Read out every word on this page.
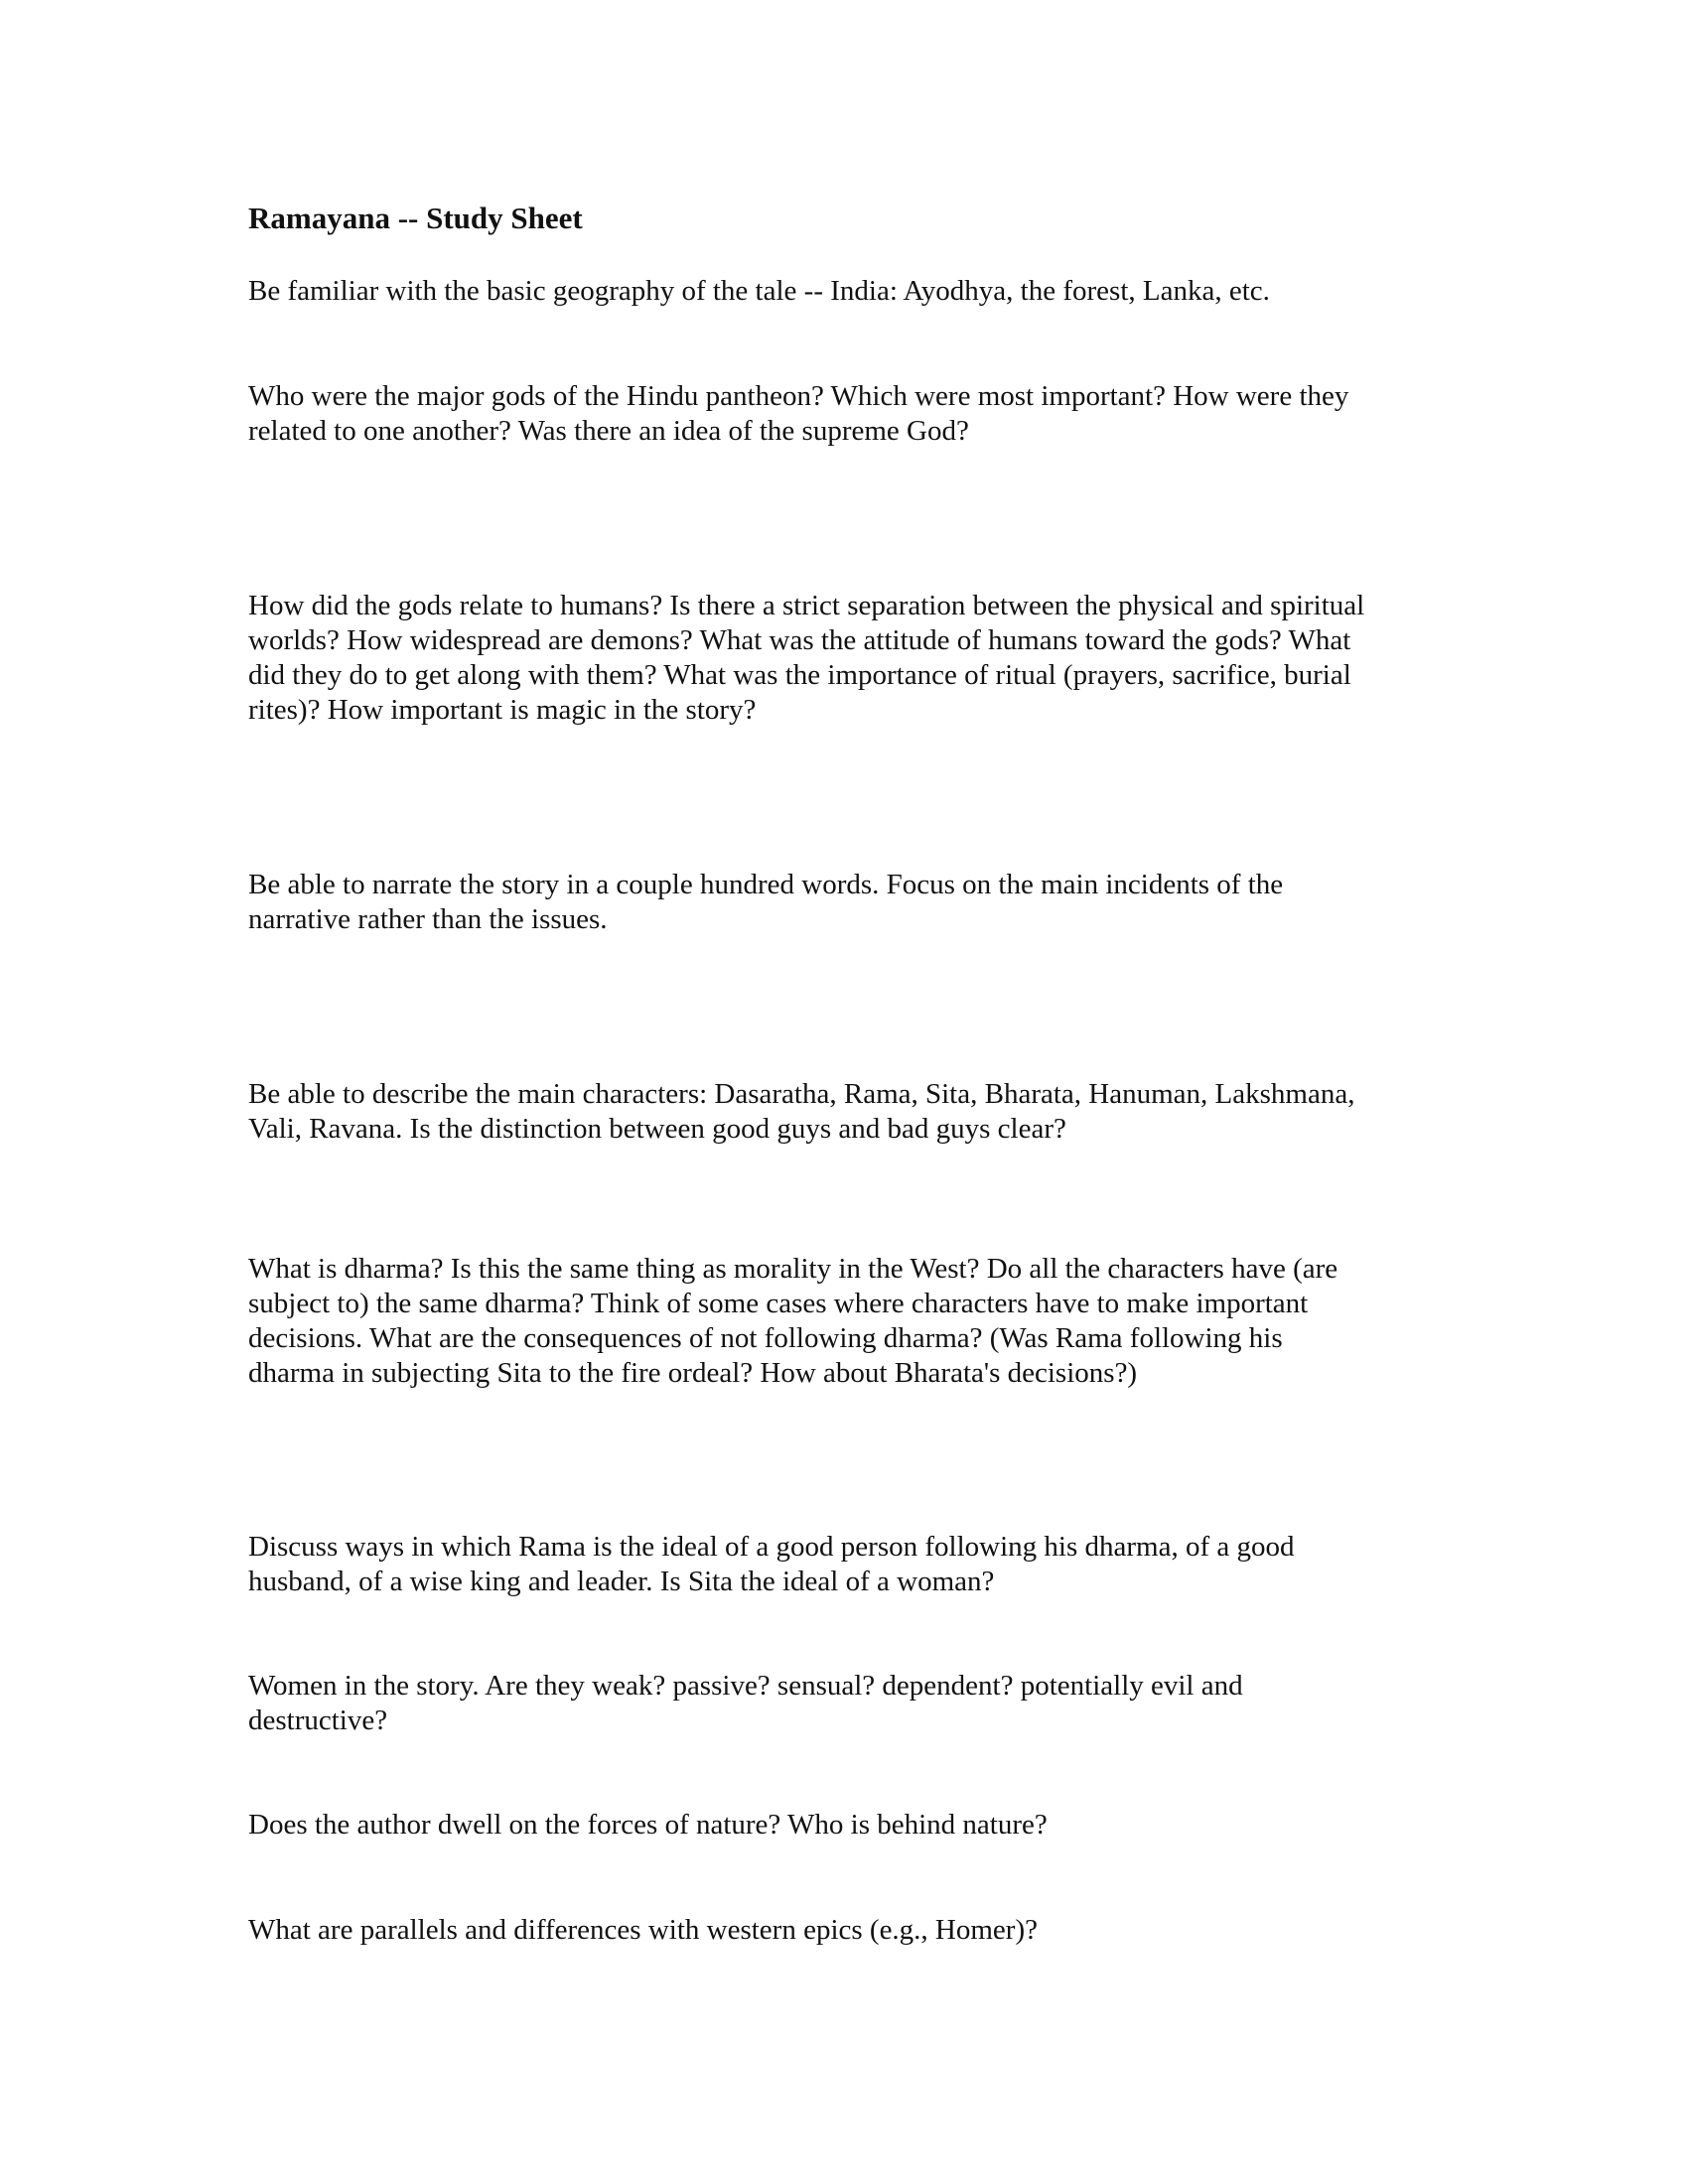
Ramayana -- Study Sheet

Be familiar with the basic geography of the tale -- India: Ayodhya, the forest, Lanka, etc.

Who were the major gods of the Hindu pantheon? Which were most important? How were they
related to one another? Was there an idea of the supreme God?

How did the gods relate to humans? Is there a strict separation between the physical and spiritual
worlds? How widespread are demons? What was the attitude of humans toward the gods? What
did they do to get along with them? What was the importance of ritual (prayers, sacrifice, burial
rites)? How important is magic in the story?

Be able to narrate the story in a couple hundred words. Focus on the main incidents of the
narrative rather than the issues.

Be able to describe the main characters: Dasaratha, Rama, Sita, Bharata, Hanuman, Lakshmana,
Vali, Ravana. Is the distinction between good guys and bad guys clear?

What is dharma? Is this the same thing as morality in the West? Do all the characters have (are
subject to) the same dharma? Think of some cases where characters have to make important
decisions. What are the consequences of not following dharma? (Was Rama following his
dharma in subjecting Sita to the fire ordeal? How about Bharata's decisions?)

Discuss ways in which Rama is the ideal of a good person following his dharma, of a good
husband, of a wise king and leader. Is Sita the ideal of a woman?

Women in the story. Are they weak? passive? sensual? dependent? potentially evil and
destructive?

Does the author dwell on the forces of nature? Who is behind nature?

What are parallels and differences with western epics (e.g., Homer)?
